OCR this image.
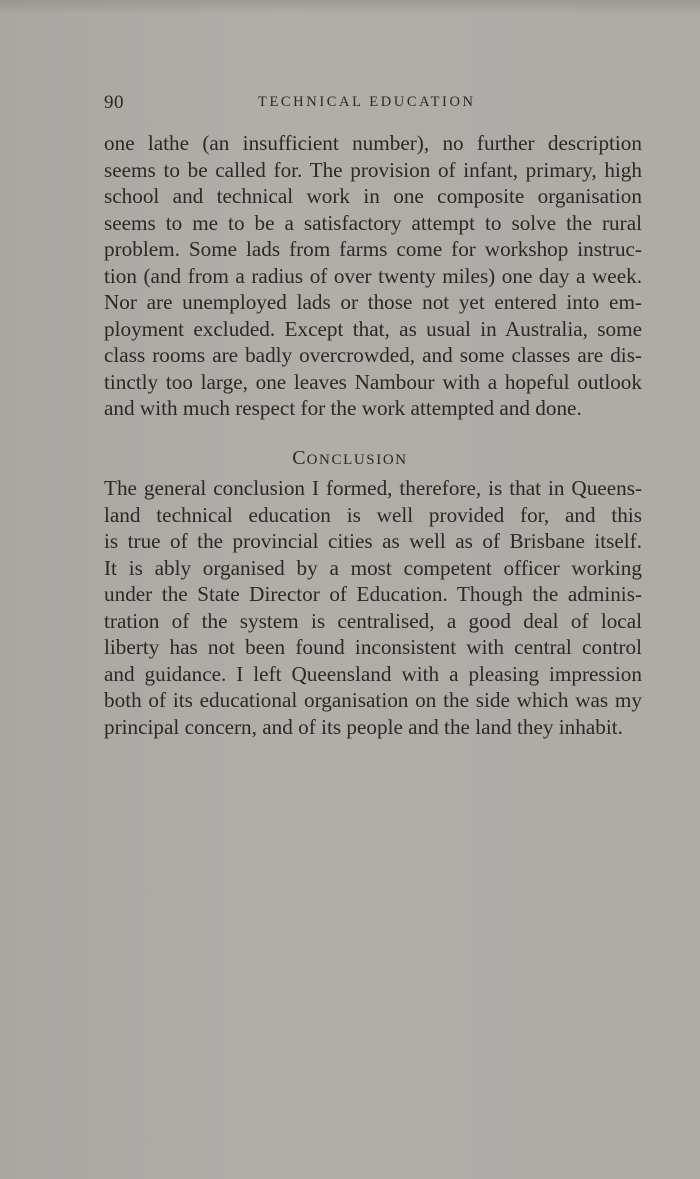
90	TECHNICAL EDUCATION

one lathe (an insufficient number), no further description
seems to be called for. The provision of infant, primary, high
school and technical work in one composite organisation
seems to me to be a satisfactory attempt to solve the rural
problem. Some lads from farms come for workshop instruc-
tion (and from a radius of over twenty miles) one day a week.
Nor are unemployed lads or those not yet entered into em-
ployment excluded. Except that, as usual in Australia, some
class rooms are badly overcrowded, and some classes are dis-
tinctly too large, one leaves Nambour with a hopeful outlook
and with much respect for the work attempted and done.

CONCLUSION

The general conclusion I formed, therefore, is that in Queens-
land technical education is well provided for, and this
is true of the provincial cities as well as of Brisbane itself.
It is ably organised by a most competent officer working
under the State Director of Education. Though the adminis-
tration of the system is centralised, a good deal of local
liberty has not been found inconsistent with central control
and guidance. I left Queensland with a pleasing impression
both of its educational organisation on the side which was my
principal concern, and of its people and the land they inhabit.
